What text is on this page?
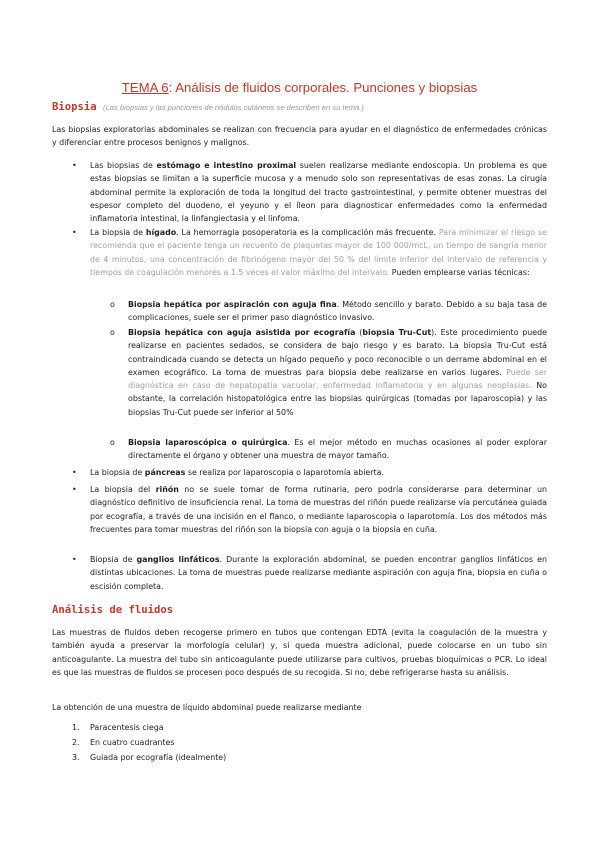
TEMA 6: Análisis de fluidos corporales. Punciones y biopsias
Biopsia (Las biopsias y las punciones de nódulos cutáneos se describen en su tema.)
Las biopsias exploratorias abdominales se realizan con frecuencia para ayudar en el diagnóstico de enfermedades crónicas y diferenciar entre procesos benignos y malignos.
• Las biopsias de estómago e intestino proximal suelen realizarse mediante endoscopia. Un problema es que estas biopsias se limitan a la superficie mucosa y a menudo solo son representativas de esas zonas. La cirugía abdominal permite la exploración de toda la longitud del tracto gastrointestinal, y permite obtener muestras del espesor completo del duodeno, el yeyuno y el íleon para diagnosticar enfermedades como la enfermedad inflamatoria intestinal, la linfangiectasia y el linfoma.
• La biopsia de hígado. La hemorragia posoperatoria es la complicación más frecuente. Para minimizar el riesgo se recomienda que el paciente tenga un recuento de plaquetas mayor de 100 000/mcL, un tiempo de sangría menor de 4 minutos, una concentración de fibrinógeno mayor del 50 % del límite inferior del intervalo de referencia y tiempos de coagulación menores a 1.5 veces el valor máximo del intervalo. Pueden emplearse varias técnicas:
o Biopsia hepática por aspiración con aguja fina. Método sencillo y barato. Debido a su baja tasa de complicaciones, suele ser el primer paso diagnóstico invasivo.
o Biopsia hepática con aguja asistida por ecografía (biopsia Tru-Cut). Este procedimiento puede realizarse en pacientes sedados, se considera de bajo riesgo y es barato. La biopsia Tru-Cut está contraindicada cuando se detecta un hígado pequeño y poco reconocible o un derrame abdominal en el examen ecográfico. La toma de muestras para biopsia debe realizarse en varios lugares. Puede ser diagnóstica en caso de hepatopatía vacuolar, enfermedad inflamatoria y en algunas neoplasias. No obstante, la correlación histopatológica entre las biopsias quirúrgicas (tomadas por laparoscopia) y las biopsias Tru-Cut puede ser inferior al 50%
o Biopsia laparoscópica o quirúrgica. Es el mejor método en muchas ocasiones al poder explorar directamente el órgano y obtener una muestra de mayor tamaño.
• La biopsia de páncreas se realiza por laparoscopia o laparotomía abierta.
• La biopsia del riñón no se suele tomar de forma rutinaria, pero podría considerarse para determinar un diagnóstico definitivo de insuficiencia renal. La toma de muestras del riñón puede realizarse vía percutánea guiada por ecografía, a través de una incisión en el flanco, o mediante laparoscopia o laparotomía. Los dos métodos más frecuentes para tomar muestras del riñón son la biopsia con aguja o la biopsia en cuña.
• Biopsia de ganglios linfáticos. Durante la exploración abdominal, se pueden encontrar ganglios linfáticos en distintas ubicaciones. La toma de muestras puede realizarse mediante aspiración con aguja fina, biopsia en cuña o escisión completa.
Análisis de fluidos
Las muestras de fluidos deben recogerse primero en tubos que contengan EDTA (evita la coagulación de la muestra y también ayuda a preservar la morfología celular) y, si queda muestra adicional, puede colocarse en un tubo sin anticoagulante. La muestra del tubo sin anticoagulante puede utilizarse para cultivos, pruebas bioquímicas o PCR. Lo ideal es que las muestras de fluidos se procesen poco después de su recogida. Si no, debe refrigerarse hasta su análisis.
La obtención de una muestra de líquido abdominal puede realizarse mediante
1. Paracentesis ciega
2. En cuatro cuadrantes
3. Guiada por ecografía (idealmente)
